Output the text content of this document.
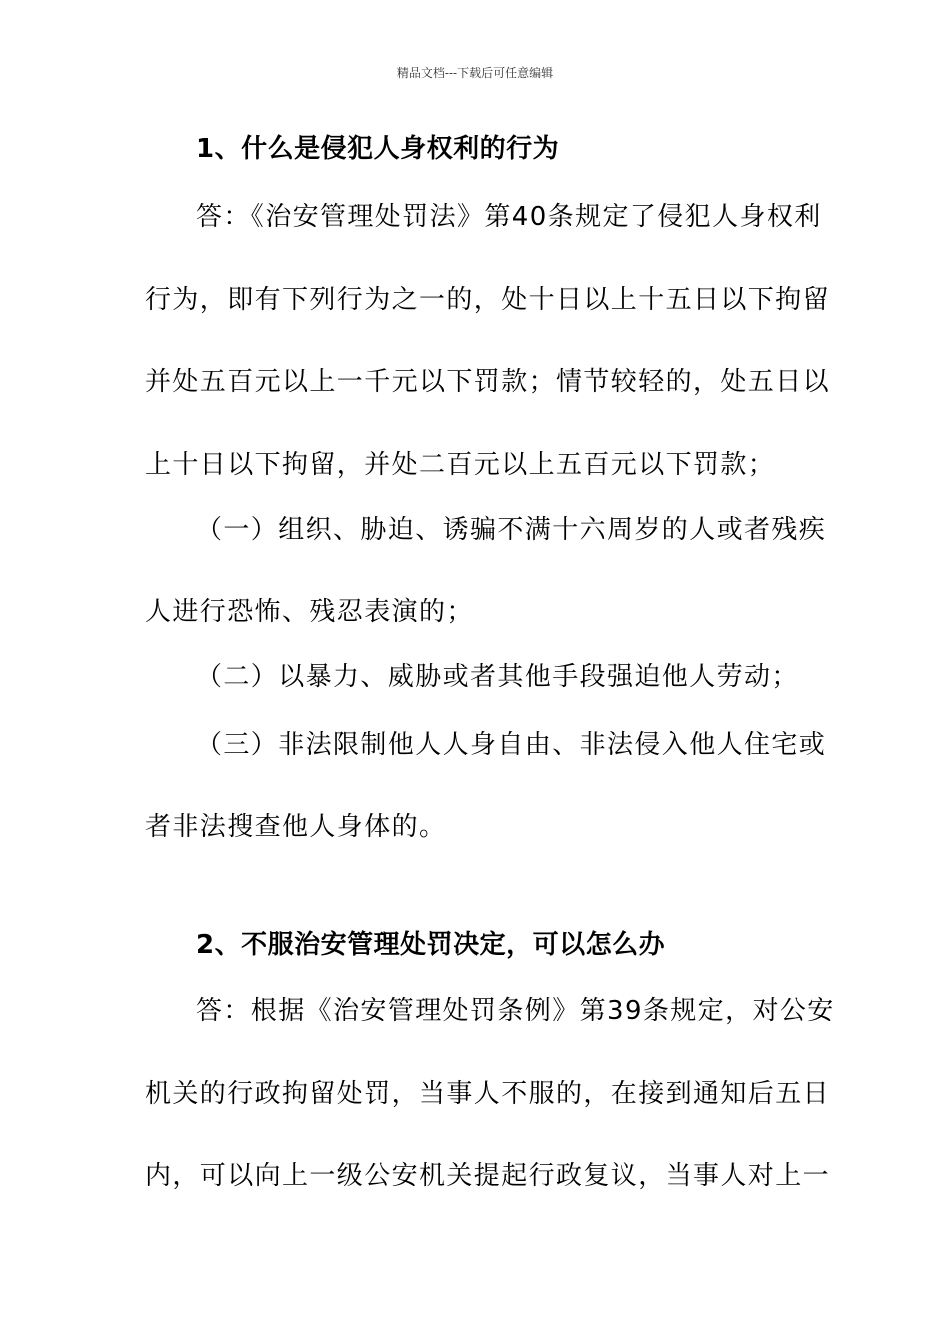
精品文档---下载后可任意编辑
1、什么是侵犯人身权利的行为
答：《治安管理处罚法》第40条规定了侵犯人身权利
行为，即有下列行为之一的，处十日以上十五日以下拘留
并处五百元以上一千元以下罚款；情节较轻的，处五日以
上十日以下拘留，并处二百元以上五百元以下罚款；
（一）组织、胁迫、诱骗不满十六周岁的人或者残疾
人进行恐怖、残忍表演的；
（二）以暴力、威胁或者其他手段强迫他人劳动；
（三）非法限制他人人身自由、非法侵入他人住宅或
者非法搜查他人身体的。
2、不服治安管理处罚决定，可以怎么办
答：根据《治安管理处罚条例》第39条规定，对公安
机关的行政拘留处罚，当事人不服的，在接到通知后五日
内，可以向上一级公安机关提起行政复议，当事人对上一
